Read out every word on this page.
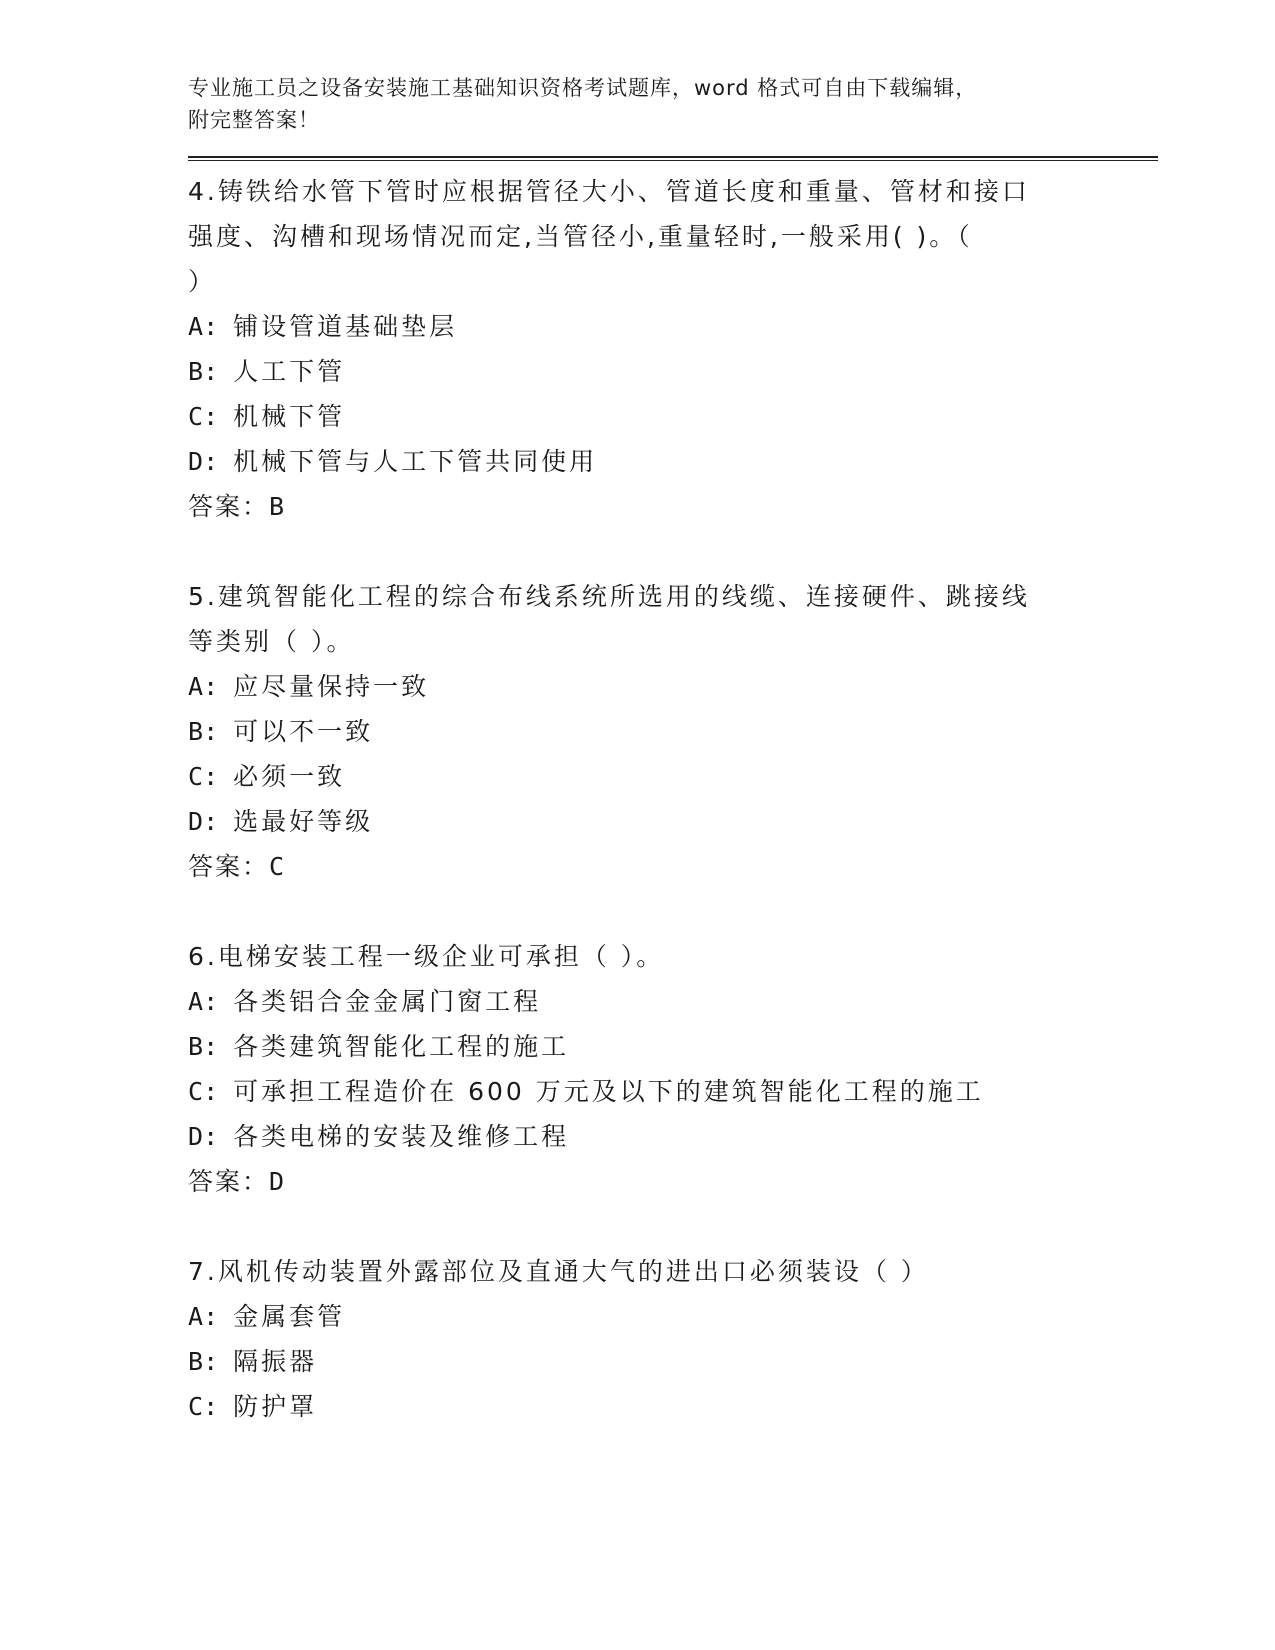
专业施工员之设备安装施工基础知识资格考试题库，word 格式可自由下载编辑，
附完整答案！
4.铸铁给水管下管时应根据管径大小、管道长度和重量、管材和接口
强度、沟槽和现场情况而定,当管径小,重量轻时,一般采用( )。（
）
A: 铺设管道基础垫层
B: 人工下管
C: 机械下管
D: 机械下管与人工下管共同使用
答案：B
5.建筑智能化工程的综合布线系统所选用的线缆、连接硬件、跳接线
等类别（ ）。
A: 应尽量保持一致
B: 可以不一致
C: 必须一致
D: 选最好等级
答案：C
6.电梯安装工程一级企业可承担（ ）。
A: 各类铝合金金属门窗工程
B: 各类建筑智能化工程的施工
C: 可承担工程造价在 600 万元及以下的建筑智能化工程的施工
D: 各类电梯的安装及维修工程
答案：D
7.风机传动装置外露部位及直通大气的进出口必须装设（ ）
A: 金属套管
B: 隔振器
C: 防护罩
